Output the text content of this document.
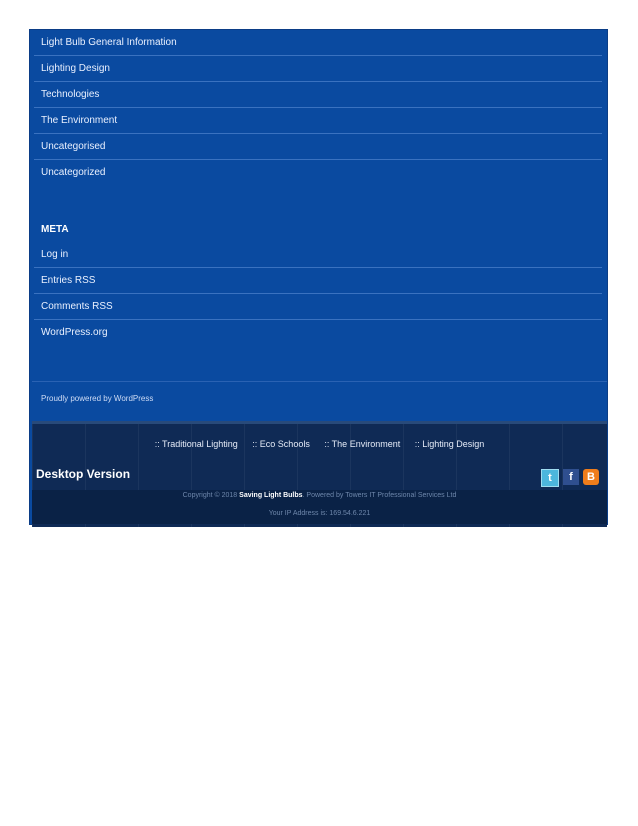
Light Bulb General Information
Lighting Design
Technologies
The Environment
Uncategorised
Uncategorized
META
Log in
Entries RSS
Comments RSS
WordPress.org
Proudly powered by WordPress
:: Traditional Lighting :: Eco Schools :: The Environment :: Lighting Design
Desktop Version	t	f	B
Copyright © 2018 Saving Light Bulbs. Powered by Towers IT Professional Services Ltd
Your IP Address is: 169.54.6.221
